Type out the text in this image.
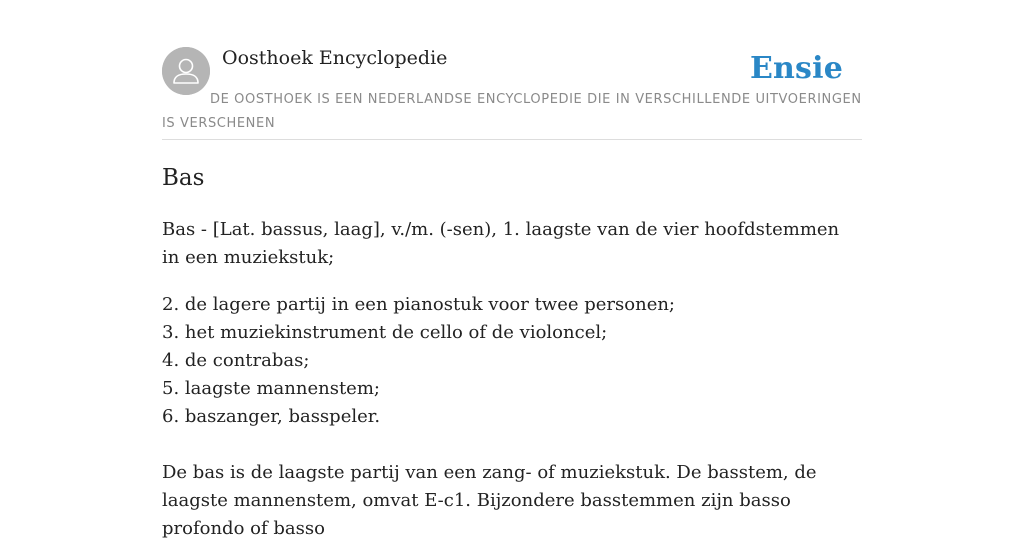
Oosthoek Encyclopedie	Ensie
DE OOSTHOEK IS EEN NEDERLANDSE ENCYCLOPEDIE DIE IN VERSCHILLENDE UITVOERINGEN IS VERSCHENEN
Bas

Bas - [Lat. bassus, laag], v./m. (-sen), 1. laagste van de vier hoofdstemmen in een muziekstuk;

2. de lagere partij in een pianostuk voor twee personen;
3. het muziekinstrument de cello of de violoncel;
4. de contrabas;
5. laagste mannenstem;
6. baszanger, basspeler.

De bas is de laagste partij van een zang- of muziekstuk. De basstem, de laagste mannenstem, omvat E-c1. Bijzondere basstemmen zijn basso profondo of basso
